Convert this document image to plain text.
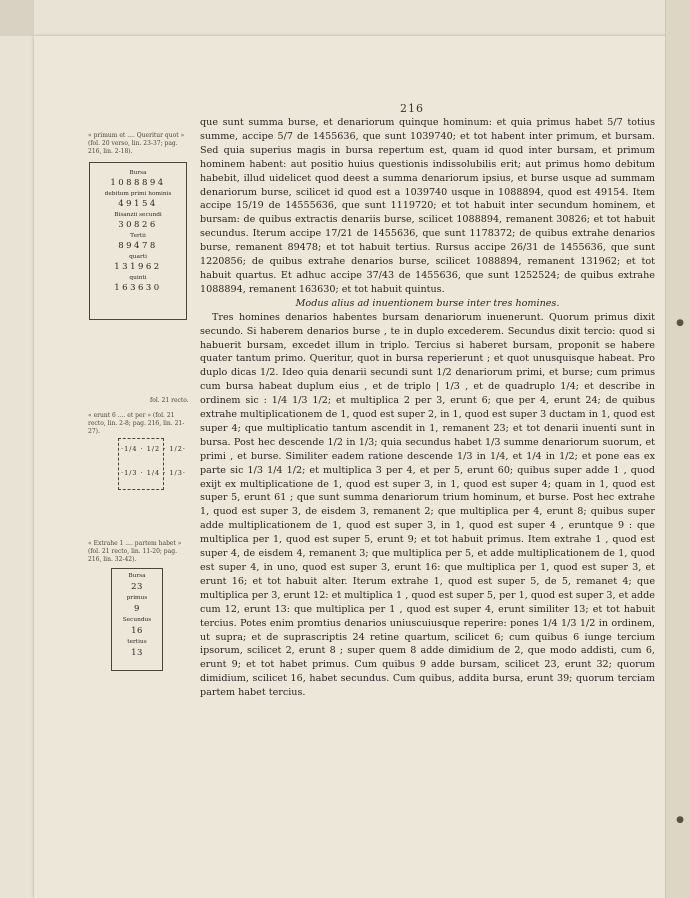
●
●
216
« primum et .... Queritur quot » (fol. 20 verso, lin. 23-37; pag. 216, lin. 2-18).
Bursa
1088894
debitum primi hominis
49154
Bisanzii secundi
30826
Tertii
89478
quarti
131962
quinti
163630
fol. 21 recto.
« erunt 6 .... et per » (fol. 21 recto, lin. 2-8; pag. 216, lin. 21-27).
·1/4 · 1/2 · 1/2·
·1/3 · 1/4 · 1/3·
« Extrahe 1 .... partem habet » (fol. 21 recto, lin. 11-20; pag. 216, lin. 32-42).
Bursa
23
primus
9
Secundus
16
tertius
13

que sunt summa burse, et denariorum quinque hominum: et quia primus habet 5/7 totius summe, accipe 5/7 de 1455636, que sunt 1039740; et tot habent inter primum, et bursam. Sed quia superius magis in bursa repertum est, quam id quod inter bursam, et primum hominem habent: aut positio huius questionis indissolubilis erit; aut primus homo debitum habebit, illud uidelicet quod deest a summa denariorum ipsius, et burse usque ad summam denariorum burse, scilicet id quod est a 1039740 usque in 1088894, quod est 49154. Item accipe 15/19 de 14555636, que sunt 1119720; et tot habuit inter secundum hominem, et bursam: de quibus extractis denariis burse, scilicet 1088894, remanent 30826; et tot habuit secundus. Iterum accipe 17/21 de 1455636, que sunt 1178372; de quibus extrahe denarios burse, remanent 89478; et tot habuit tertius. Rursus accipe 26/31 de 1455636, que sunt 1220856; de quibus extrahe denarios burse, scilicet 1088894, remanent 131962; et tot habuit quartus. Et adhuc accipe 37/43 de 1455636, que sunt 1252524; de quibus extrahe 1088894, remanent 163630; et tot habuit quintus.

Modus alius ad inuentionem burse inter tres homines.

Tres homines denarios habentes bursam denariorum inuenerunt. Quorum primus dixit secundo. Si haberem denarios burse , te in duplo excederem. Secundus dixit tercio: quod si habuerit bursam, excedet illum in triplo. Tercius si haberet bursam, proponit se habere quater tantum primo. Queritur, quot in bursa reperierunt ; et quot unusquisque habeat. Pro duplo dicas 1/2. Ideo quia denarii secundi sunt 1/2 denariorum primi, et burse; cum primus cum bursa habeat duplum eius , et de triplo | 1/3 , et de quadruplo 1/4; et describe in ordinem sic : 1/4 1/3 1/2; et multiplica 2 per 3, erunt 6; que per 4, erunt 24; de quibus extrahe multiplicationem de 1, quod est super 2, in 1, quod est super 3 ductam in 1, quod est super 4; que multiplicatio tantum ascendit in 1, remanent 23; et tot denarii inuenti sunt in bursa. Post hec descende 1/2 in 1/3; quia secundus habet 1/3 summe denariorum suorum, et primi , et burse. Similiter eadem ratione descende 1/3 in 1/4, et 1/4 in 1/2; et pone eas ex parte sic 1/3 1/4 1/2; et multiplica 3 per 4, et per 5, erunt 60; quibus super adde 1 , quod exijt ex multiplicatione de 1, quod est super 3, in 1, quod est super 4; quam in 1, quod est super 5, erunt 61 ; que sunt summa denariorum trium hominum, et burse. Post hec extrahe 1, quod est super 3, de eisdem 3, remanent 2; que multiplica per 4, erunt 8; quibus super adde multiplicationem de 1, quod est super 3, in 1, quod est super 4 , eruntque 9 : que multiplica per 1, quod est super 5, erunt 9; et tot habuit primus. Item extrahe 1 , quod est super 4, de eisdem 4, remanent 3; que multiplica per 5, et adde multiplicationem de 1, quod est super 4, in uno, quod est super 3, erunt 16: que multiplica per 1, quod est super 3, et erunt 16; et tot habuit alter. Iterum extrahe 1, quod est super 5, de 5, remanet 4; que multiplica per 3, erunt 12: et multiplica 1 , quod est super 5, per 1, quod est super 3, et adde cum 12, erunt 13: que multiplica per 1 , quod est super 4, erunt similiter 13; et tot habuit tercius. Potes enim promtius denarios uniuscuiusque reperire: pones 1/4 1/3 1/2 in ordinem, ut supra; et de suprascriptis 24 retine quartum, scilicet 6; cum quibus 6 iunge tercium ipsorum, scilicet 2, erunt 8 ; super quem 8 adde dimidium de 2, que modo addisti, cum 6, erunt 9; et tot habet primus. Cum quibus 9 adde bursam, scilicet 23, erunt 32; quorum dimidium, scilicet 16, habet secundus. Cum quibus, addita bursa, erunt 39; quorum terciam partem habet tercius.
